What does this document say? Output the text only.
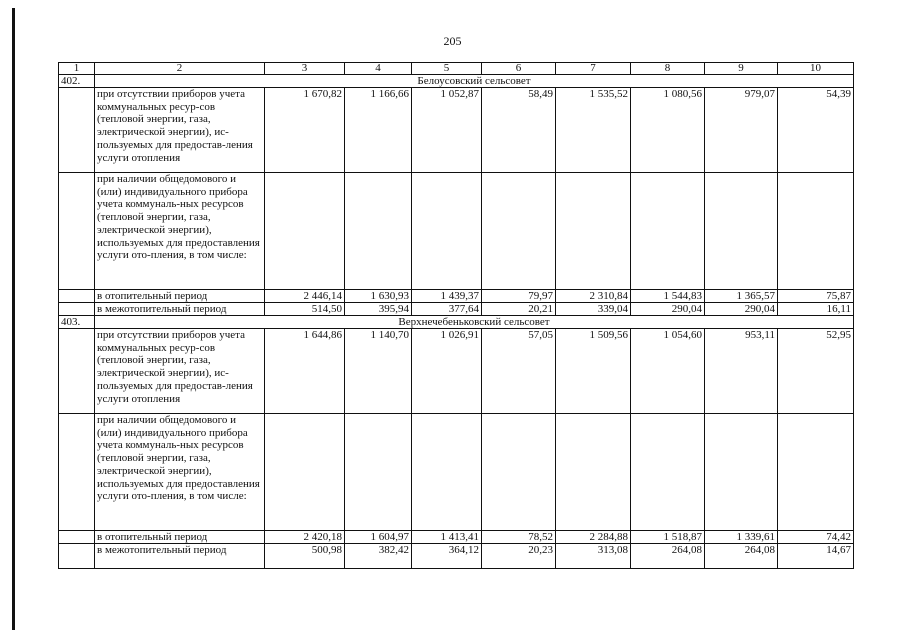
205
1	2	3	4	5	6	7	8	9	10
402.	Белоусовский сельсовет								
	при отсутствии приборов учета коммунальных ресур-сов (тепловой энергии, газа, электрической энергии), ис-пользуемых для предостав-ления услуги отопления	1 670,82	1 166,66	1 052,87	58,49	1 535,52	1 080,56	979,07	54,39
	при наличии общедомового и (или) индивидуального прибора учета коммуналь-ных ресурсов (тепловой энергии, газа, электрической энергии), используемых для предоставления услуги ото-пления, в том числе:								
	в отопительный период	2 446,14	1 630,93	1 439,37	79,97	2 310,84	1 544,83	1 365,57	75,87
	в межотопительный период	514,50	395,94	377,64	20,21	339,04	290,04	290,04	16,11
403.	Верхнечебеньковский сельсовет								
	при отсутствии приборов учета коммунальных ресур-сов (тепловой энергии, газа, электрической энергии), ис-пользуемых для предостав-ления услуги отопления	1 644,86	1 140,70	1 026,91	57,05	1 509,56	1 054,60	953,11	52,95
	при наличии общедомового и (или) индивидуального прибора учета коммуналь-ных ресурсов (тепловой энергии, газа, электрической энергии), используемых для предоставления услуги ото-пления, в том числе:								
	в отопительный период	2 420,18	1 604,97	1 413,41	78,52	2 284,88	1 518,87	1 339,61	74,42
	в межотопительный период	500,98	382,42	364,12	20,23	313,08	264,08	264,08	14,67
